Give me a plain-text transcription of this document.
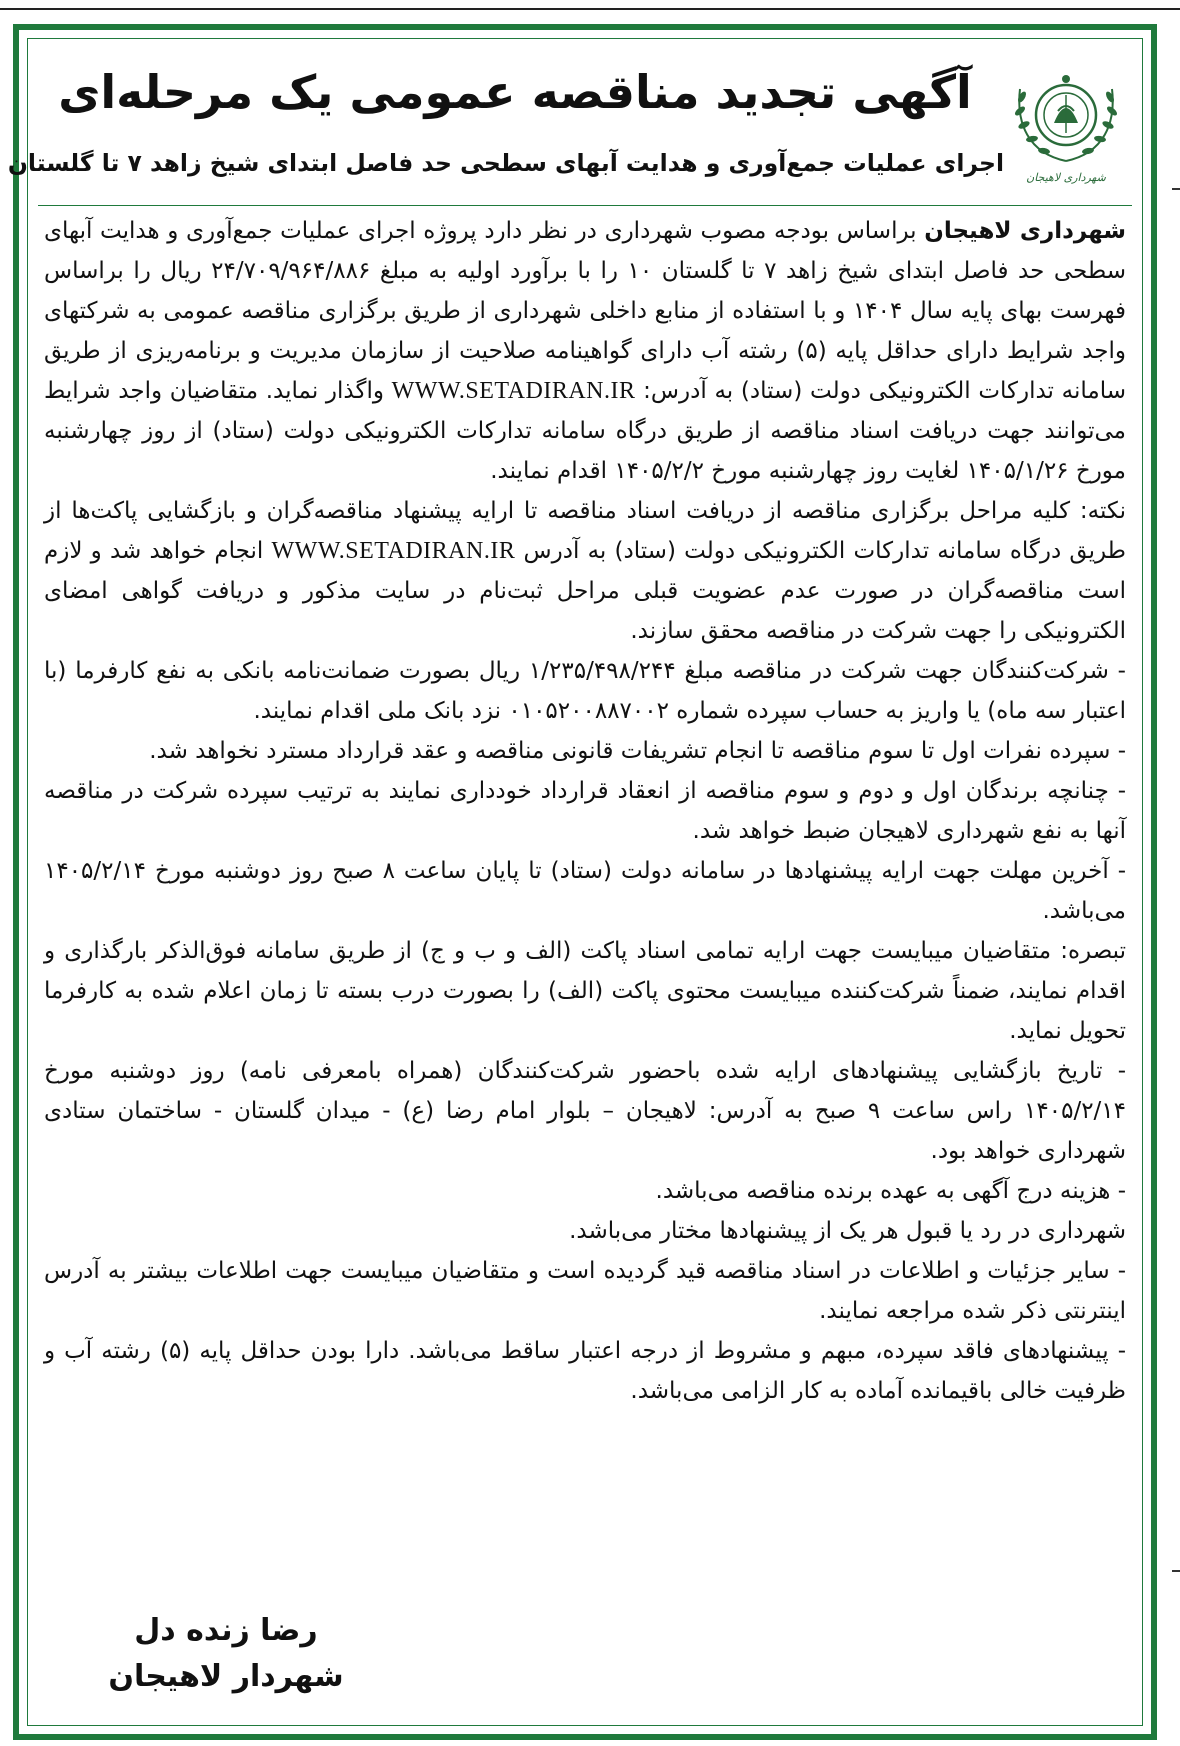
شهرداری لاهیجان
آگهی تجدید مناقصه عمومی یک مرحله‌ای
اجرای عملیات جمع‌آوری و هدایت آبهای سطحی حد فاصل ابتدای شیخ زاهد ۷ تا گلستان

شهرداری لاهیجان براساس بودجه مصوب شهرداری در نظر دارد پروژه اجرای عملیات جمع‌آوری و هدایت آبهای سطحی حد فاصل ابتدای شیخ زاهد ۷ تا گلستان ۱۰ را با برآورد اولیه به مبلغ ۲۴/۷۰۹/۹۶۴/۸۸۶ ریال را براساس فهرست بهای پایه سال ۱۴۰۴ و با استفاده از منابع داخلی شهرداری از طریق برگزاری مناقصه عمومی به شرکتهای واجد شرایط دارای حداقل پایه (۵) رشته آب دارای گواهینامه صلاحیت از سازمان مدیریت و برنامه‌ریزی از طریق سامانه تدارکات الکترونیکی دولت (ستاد) به آدرس: WWW.SETADIRAN.IR واگذار نماید. متقاضیان واجد شرایط می‌توانند جهت دریافت اسناد مناقصه از طریق درگاه سامانه تدارکات الکترونیکی دولت (ستاد) از روز چهارشنبه مورخ ۱۴۰۵/۱/۲۶ لغایت روز چهارشنبه مورخ ۱۴۰۵/۲/۲ اقدام نمایند.

نکته: کلیه مراحل برگزاری مناقصه از دریافت اسناد مناقصه تا ارایه پیشنهاد مناقصه‌گران و بازگشایی پاکت‌ها از طریق درگاه سامانه تدارکات الکترونیکی دولت (ستاد) به آدرس WWW.SETADIRAN.IR انجام خواهد شد و لازم است مناقصه‌گران در صورت عدم عضویت قبلی مراحل ثبت‌نام در سایت مذکور و دریافت گواهی امضای الکترونیکی را جهت شرکت در مناقصه محقق سازند.

- شرکت‌کنندگان جهت شرکت در مناقصه مبلغ ۱/۲۳۵/۴۹۸/۲۴۴ ریال بصورت ضمانت‌نامه بانکی به نفع کارفرما (با اعتبار سه ماه) یا واریز به حساب سپرده شماره ۰۱۰۵۲۰۰۸۸۷۰۰۲ نزد بانک ملی اقدام نمایند.

- سپرده نفرات اول تا سوم مناقصه تا انجام تشریفات قانونی مناقصه و عقد قرارداد مسترد نخواهد شد.

- چنانچه برندگان اول و دوم و سوم مناقصه از انعقاد قرارداد خودداری نمایند به ترتیب سپرده شرکت در مناقصه آنها به نفع شهرداری لاهیجان ضبط خواهد شد.

- آخرین مهلت جهت ارایه پیشنهادها در سامانه دولت (ستاد) تا پایان ساعت ۸ صبح روز دوشنبه مورخ ۱۴۰۵/۲/۱۴ می‌باشد.

تبصره: متقاضیان میبایست جهت ارایه تمامی اسناد پاکت (الف و ب و ج) از طریق سامانه فوق‌الذکر بارگذاری و اقدام نمایند، ضمناً شرکت‌کننده میبایست محتوی پاکت (الف) را بصورت درب بسته تا زمان اعلام شده به کارفرما تحویل نماید.

- تاریخ بازگشایی پیشنهادهای ارایه شده باحضور شرکت‌کنندگان (همراه بامعرفی نامه) روز دوشنبه مورخ ۱۴۰۵/۲/۱۴ راس ساعت ۹ صبح به آدرس: لاهیجان – بلوار امام رضا (ع) - میدان گلستان - ساختمان ستادی شهرداری خواهد بود.

- هزینه درج آگهی به عهده برنده مناقصه می‌باشد.

شهرداری در رد یا قبول هر یک از پیشنهادها مختار می‌باشد.

- سایر جزئیات و اطلاعات در اسناد مناقصه قید گردیده است و متقاضیان میبایست جهت اطلاعات بیشتر به آدرس اینترنتی ذکر شده مراجعه نمایند.

- پیشنهادهای فاقد سپرده، مبهم و مشروط از درجه اعتبار ساقط می‌باشد. دارا بودن حداقل پایه (۵) رشته آب و ظرفیت خالی باقیمانده آماده به کار الزامی می‌باشد.

رضا زنده دل
شهردار لاهیجان
